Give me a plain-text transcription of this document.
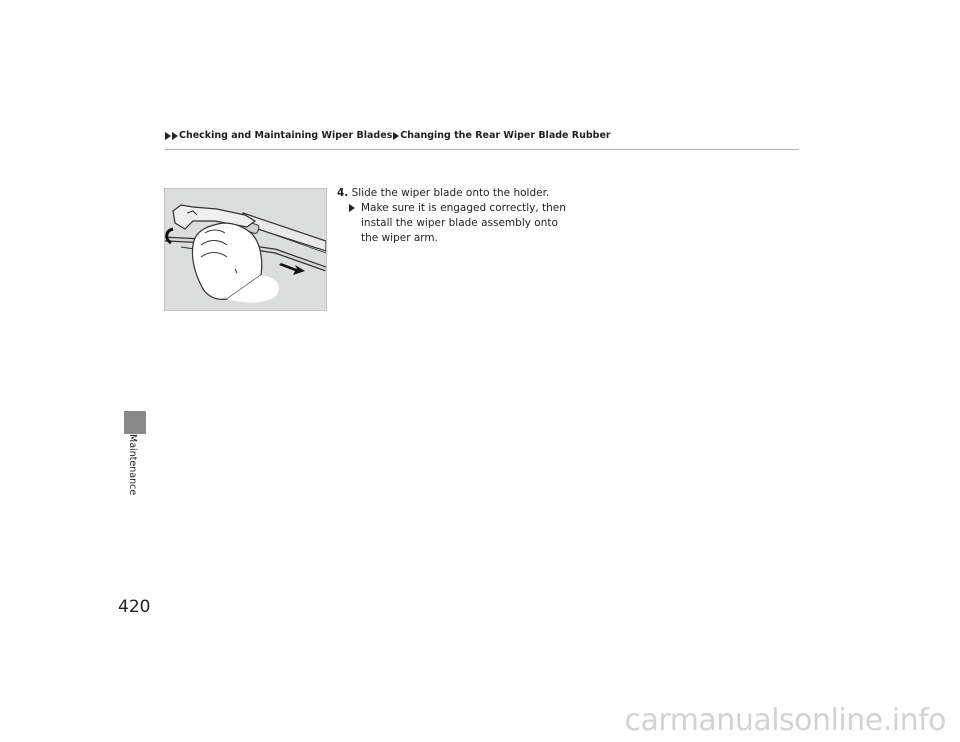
Checking and Maintaining Wiper Blades Changing the Rear Wiper Blade Rubber
4. Slide the wiper blade onto the holder.
Make sure it is engaged correctly, then install the wiper blade assembly onto the wiper arm.
Maintenance
420
carmanualsonline.info
